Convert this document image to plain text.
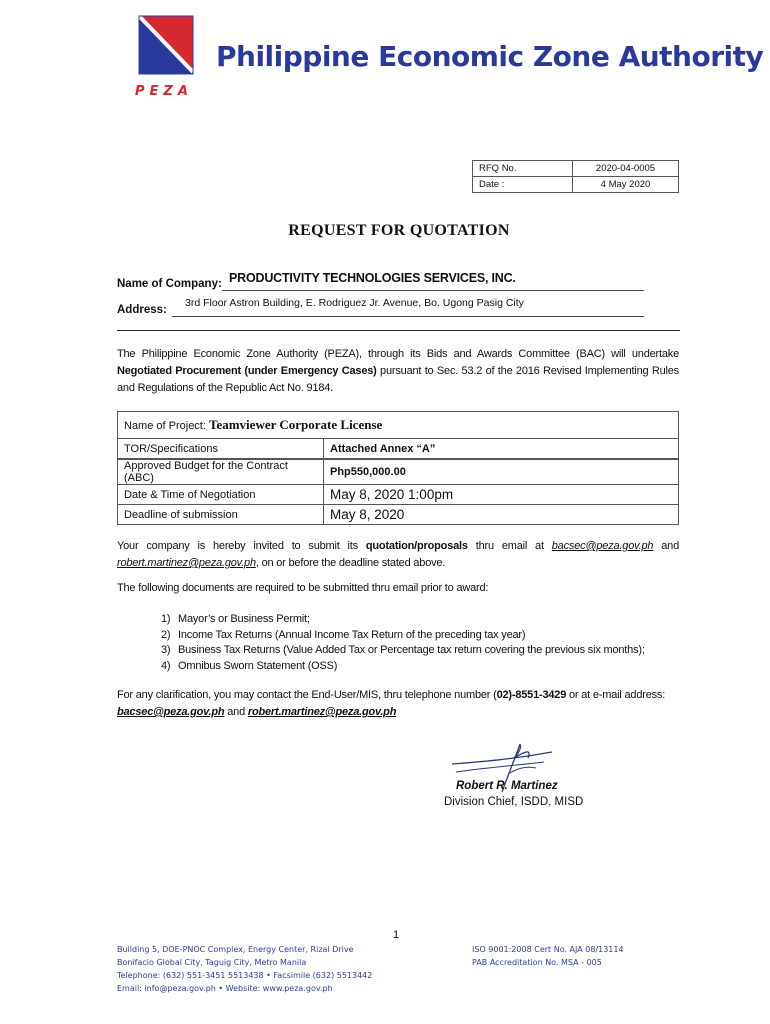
PEZA
Philippine Economic Zone Authority
RFQ No.	2020-04-0005
Date :	4 May 2020
REQUEST FOR QUOTATION
Name of Company: PRODUCTIVITY TECHNOLOGIES SERVICES, INC.
Address:
3rd Floor Astron Building, E. Rodriguez Jr. Avenue, Bo. Ugong Pasig City
The Philippine Economic Zone Authority (PEZA), through its Bids and Awards Committee (BAC) will undertake Negotiated Procurement (under Emergency Cases) pursuant to Sec. 53.2 of the 2016 Revised Implementing Rules and Regulations of the Republic Act No. 9184.
Name of Project: Teamviewer Corporate License	
TOR/Specifications	Attached Annex “A”
Approved Budget for the Contract (ABC)	Php550,000.00
Date & Time of Negotiation	May 8, 2020 1:00pm
Deadline of submission	May 8, 2020
Your company is hereby invited to submit its quotation/proposals thru email at bacsec@peza.gov.ph and robert.martinez@peza.gov.ph, on or before the deadline stated above.
The following documents are required to be submitted thru email prior to award:
1) Mayor’s or Business Permit;
2) Income Tax Returns (Annual Income Tax Return of the preceding tax year)
3) Business Tax Returns (Value Added Tax or Percentage tax return covering the previous six months);
4) Omnibus Sworn Statement (OSS)
For any clarification, you may contact the End-User/MIS, thru telephone number (02)-8551-3429 or at e-mail address:
bacsec@peza.gov.ph and robert.martinez@peza.gov.ph
Robert R. Martinez
Division Chief, ISDD, MISD
1
Building 5, DOE-PNOC Complex, Energy Center, Rizal Drive
Bonifacio Global City, Taguig City, Metro Manila
Telephone: (632) 551-3451 5513438 • Facsimile (632) 5513442
Email: info@peza.gov.ph • Website: www.peza.gov.ph
ISO 9001:2008 Cert No. AJA 08/13114
PAB Accreditation No. MSA - 005
